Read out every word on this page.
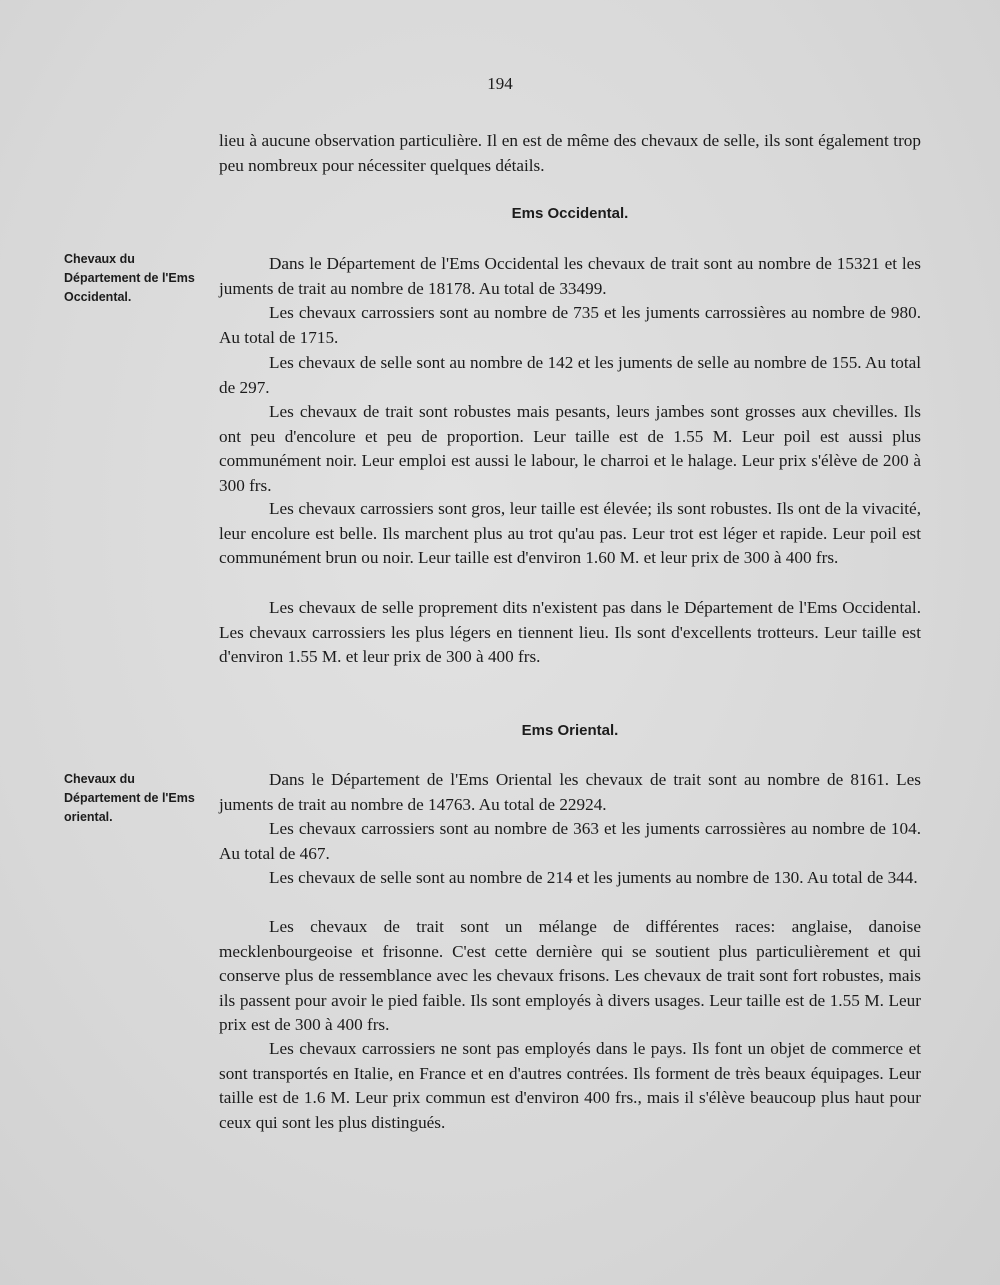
194

lieu à aucune observation particulière. Il en est de même des chevaux de selle, ils sont également trop peu nombreux pour nécessiter quelques détails.

Ems Occidental.
Chevaux du Département de l'Ems Occidental.

Dans le Département de l'Ems Occidental les chevaux de trait sont au nombre de 15321 et les juments de trait au nombre de 18178. Au total de 33499.

Les chevaux carrossiers sont au nombre de 735 et les juments carrossières au nombre de 980. Au total de 1715.

Les chevaux de selle sont au nombre de 142 et les juments de selle au nombre de 155. Au total de 297.

Les chevaux de trait sont robustes mais pesants, leurs jambes sont grosses aux chevilles. Ils ont peu d'encolure et peu de proportion. Leur taille est de 1.55 M. Leur poil est aussi plus communément noir. Leur emploi est aussi le labour, le charroi et le halage. Leur prix s'élève de 200 à 300 frs.

Les chevaux carrossiers sont gros, leur taille est élevée; ils sont robustes. Ils ont de la vivacité, leur encolure est belle. Ils marchent plus au trot qu'au pas. Leur trot est léger et rapide. Leur poil est communément brun ou noir. Leur taille est d'environ 1.60 M. et leur prix de 300 à 400 frs.

Les chevaux de selle proprement dits n'existent pas dans le Département de l'Ems Occidental. Les chevaux carrossiers les plus légers en tiennent lieu. Ils sont d'excellents trotteurs. Leur taille est d'environ 1.55 M. et leur prix de 300 à 400 frs.

Ems Oriental.
Chevaux du Département de l'Ems oriental.

Dans le Département de l'Ems Oriental les chevaux de trait sont au nombre de 8161. Les juments de trait au nombre de 14763. Au total de 22924.

Les chevaux carrossiers sont au nombre de 363 et les juments carrossières au nombre de 104. Au total de 467.

Les chevaux de selle sont au nombre de 214 et les juments au nombre de 130. Au total de 344.

Les chevaux de trait sont un mélange de différentes races: anglaise, danoise mecklenbourgeoise et frisonne. C'est cette dernière qui se soutient plus particulièrement et qui conserve plus de ressemblance avec les chevaux frisons. Les chevaux de trait sont fort robustes, mais ils passent pour avoir le pied faible. Ils sont employés à divers usages. Leur taille est de 1.55 M. Leur prix est de 300 à 400 frs.

Les chevaux carrossiers ne sont pas employés dans le pays. Ils font un objet de commerce et sont transportés en Italie, en France et en d'autres contrées. Ils forment de très beaux équipages. Leur taille est de 1.6 M. Leur prix commun est d'environ 400 frs., mais il s'élève beaucoup plus haut pour ceux qui sont les plus distingués.
